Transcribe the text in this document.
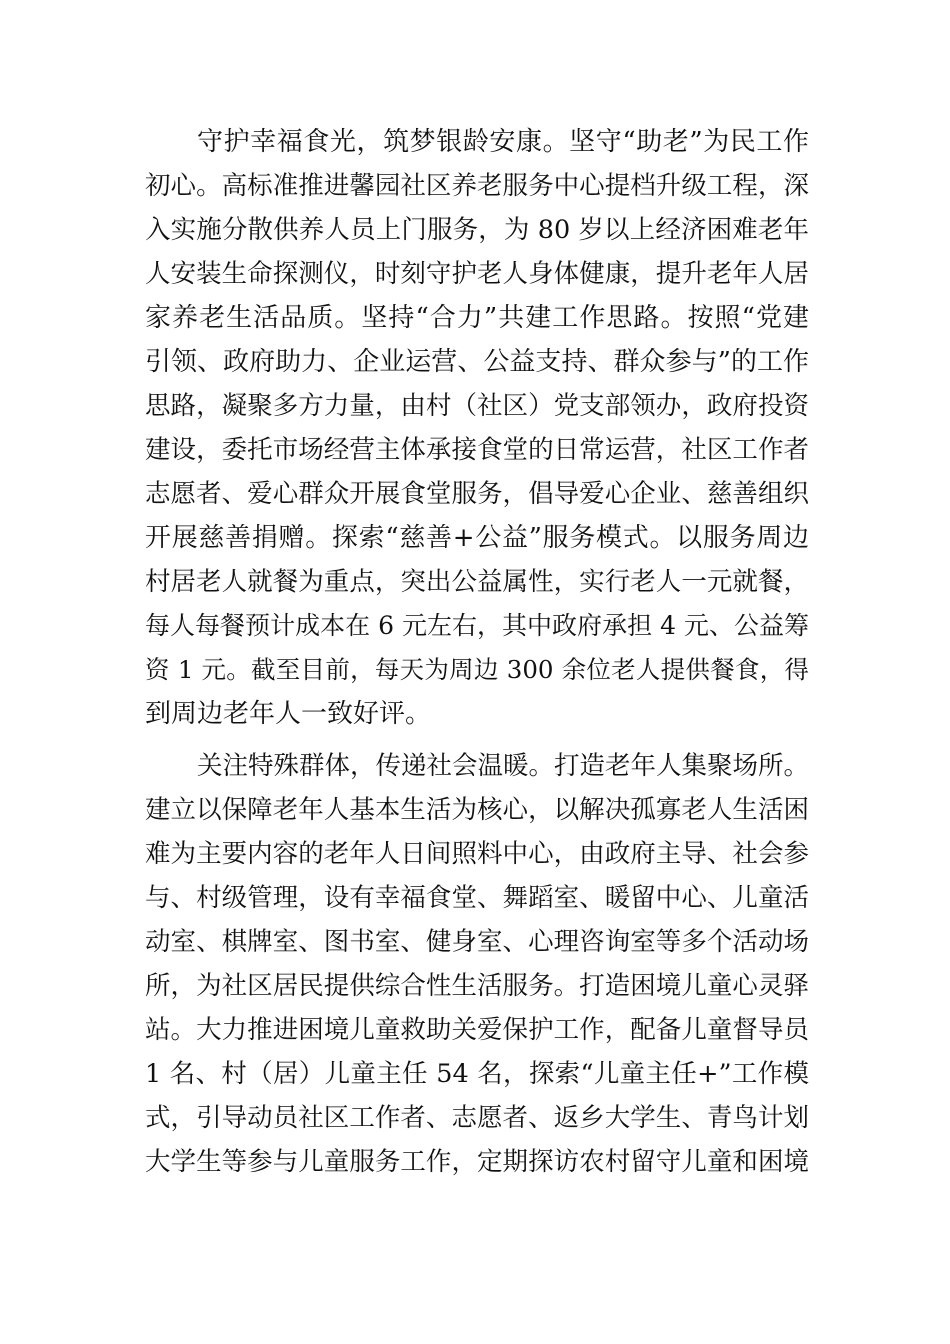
守护幸福食光，筑梦银龄安康。坚守“助老”为民工作
初心。高标准推进馨园社区养老服务中心提档升级工程，深
入实施分散供养人员上门服务，为 80 岁以上经济困难老年
人安装生命探测仪，时刻守护老人身体健康，提升老年人居
家养老生活品质。坚持“合力”共建工作思路。按照“党建
引领、政府助力、企业运营、公益支持、群众参与”的工作
思路，凝聚多方力量，由村（社区）党支部领办，政府投资
建设，委托市场经营主体承接食堂的日常运营，社区工作者
志愿者、爱心群众开展食堂服务，倡导爱心企业、慈善组织
开展慈善捐赠。探索“慈善+公益”服务模式。以服务周边
村居老人就餐为重点，突出公益属性，实行老人一元就餐，
每人每餐预计成本在 6 元左右，其中政府承担 4 元、公益筹
资 1 元。截至目前，每天为周边 300 余位老人提供餐食，得
到周边老年人一致好评。
关注特殊群体，传递社会温暖。打造老年人集聚场所。
建立以保障老年人基本生活为核心，以解决孤寡老人生活困
难为主要内容的老年人日间照料中心，由政府主导、社会参
与、村级管理，设有幸福食堂、舞蹈室、暖留中心、儿童活
动室、棋牌室、图书室、健身室、心理咨询室等多个活动场
所，为社区居民提供综合性生活服务。打造困境儿童心灵驿
站。大力推进困境儿童救助关爱保护工作，配备儿童督导员
1 名、村（居）儿童主任 54 名，探索“儿童主任+”工作模
式，引导动员社区工作者、志愿者、返乡大学生、青鸟计划
大学生等参与儿童服务工作，定期探访农村留守儿童和困境
